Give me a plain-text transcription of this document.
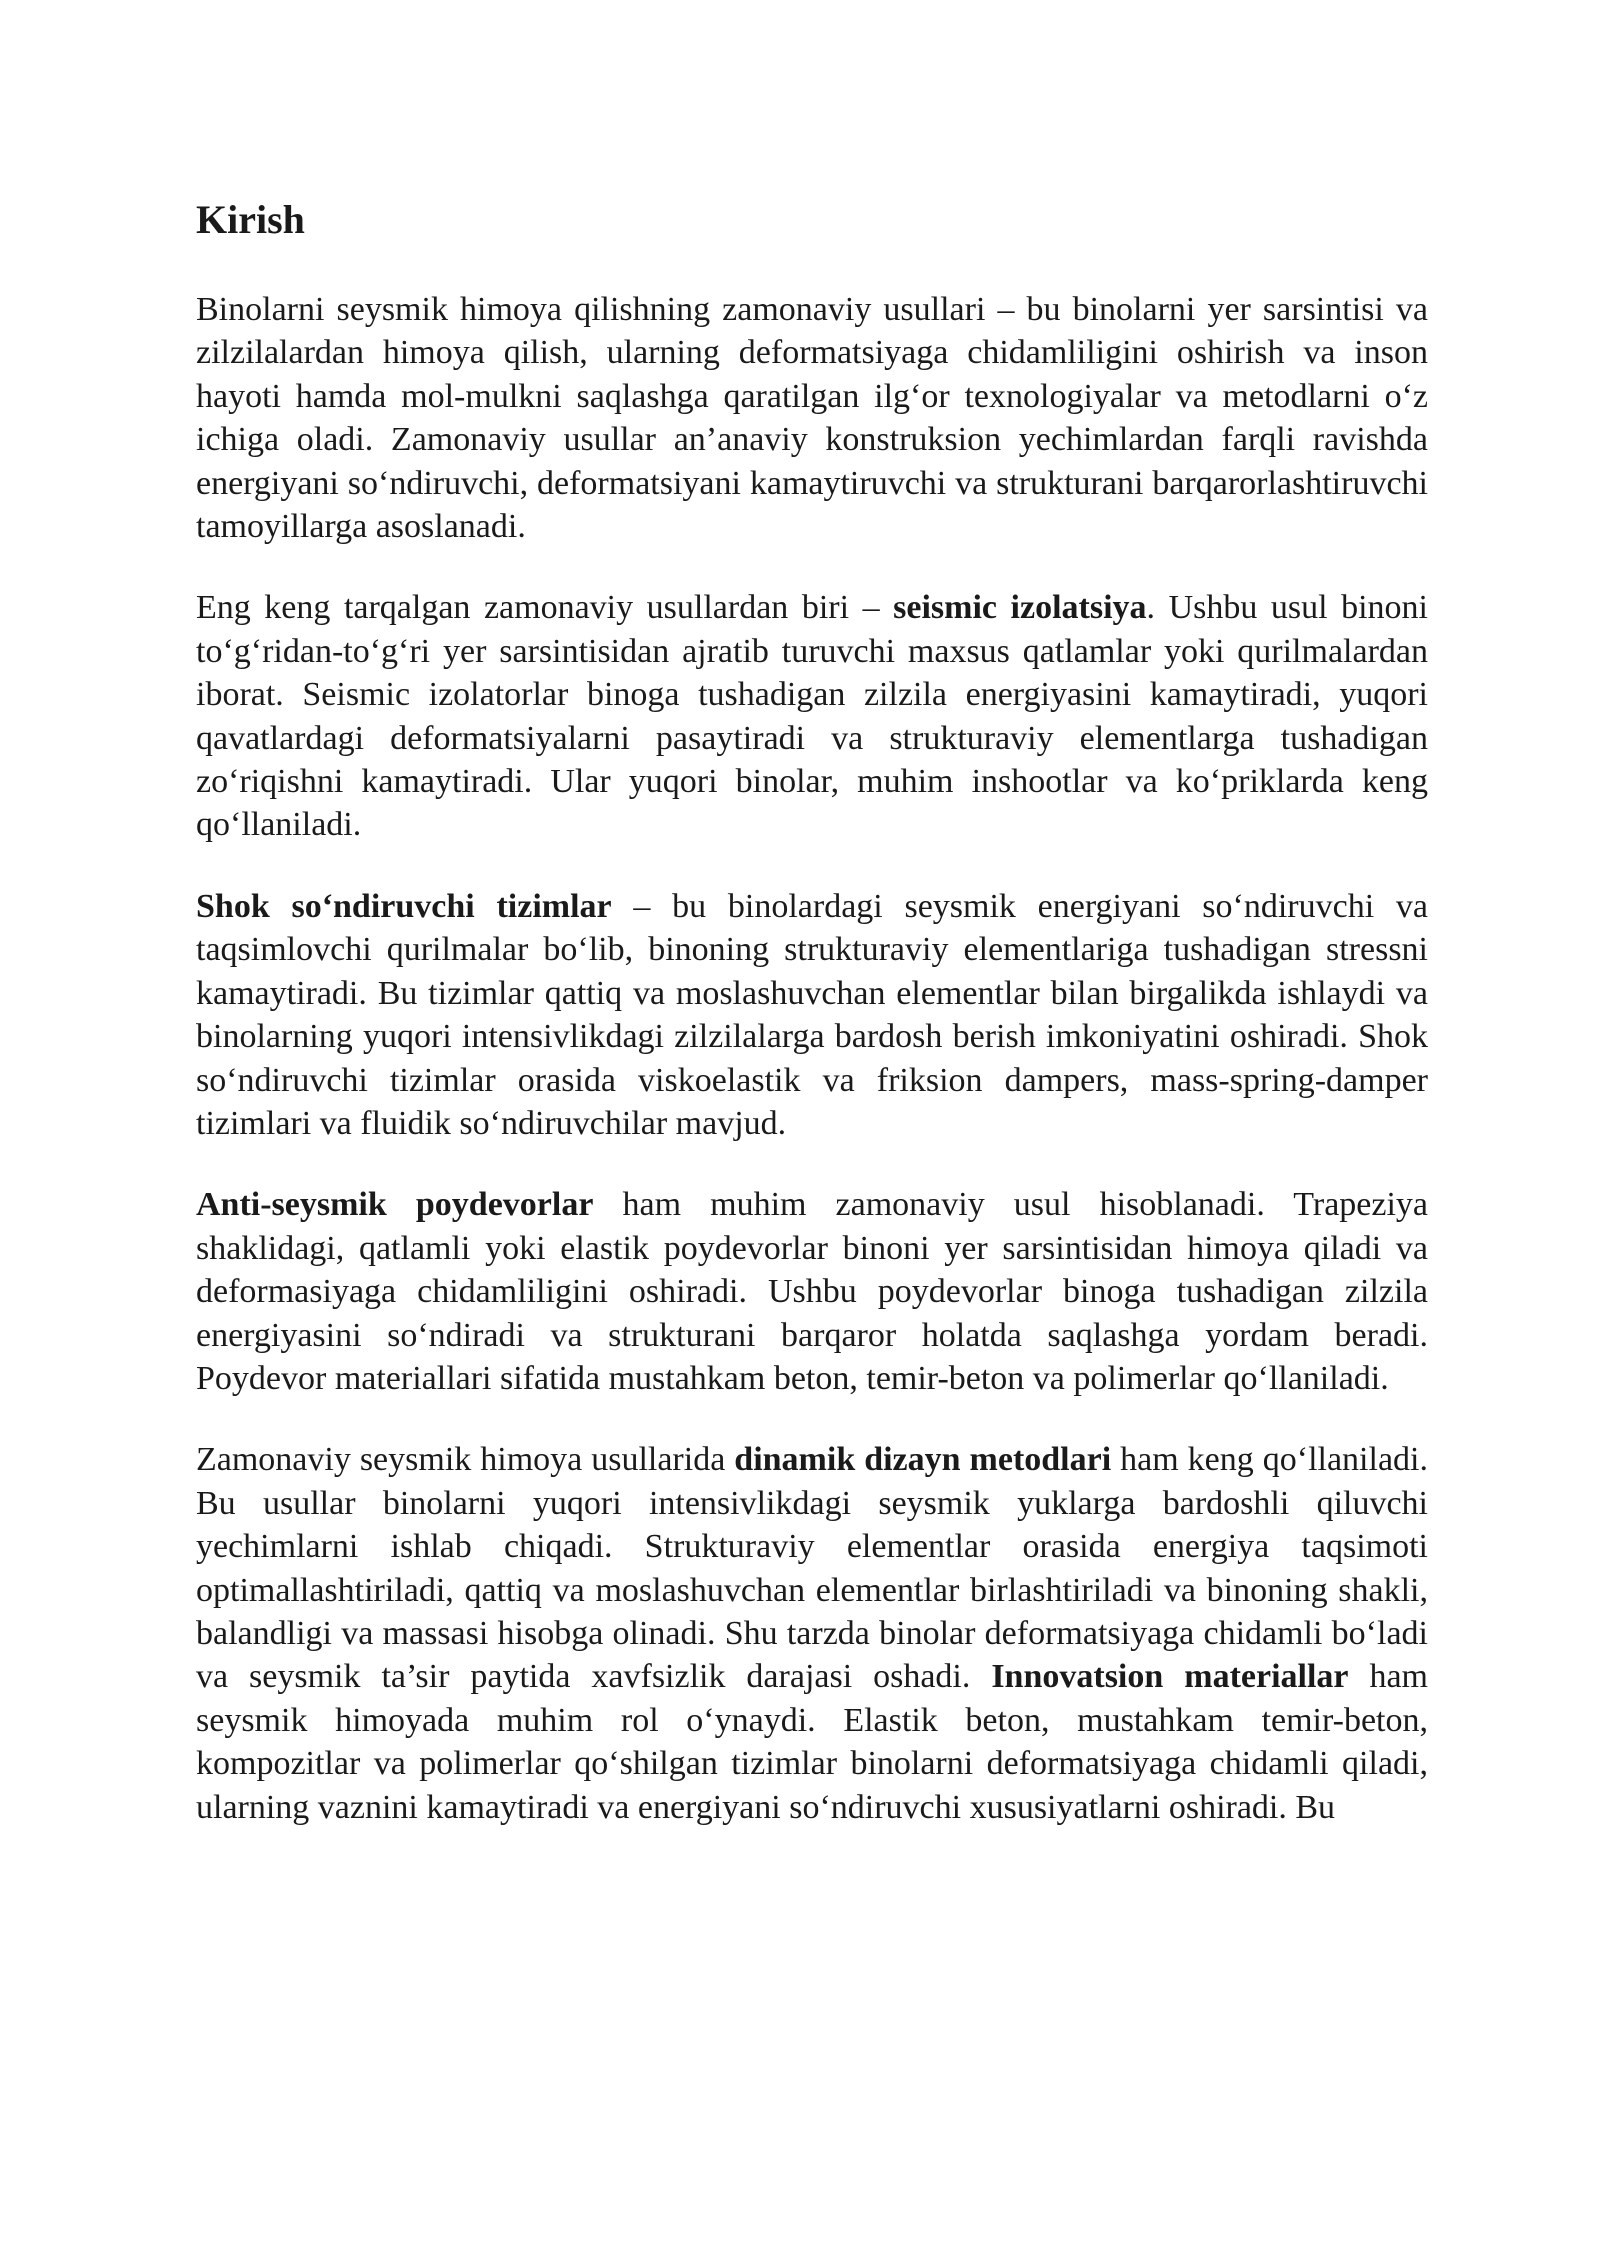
Kirish

Binolarni seysmik himoya qilishning zamonaviy usullari – bu binolarni yer sarsintisi va zilzilalardan himoya qilish, ularning deformatsiyaga chidamliligini oshirish va inson hayoti hamda mol-mulkni saqlashga qaratilgan ilg‘or texnologiyalar va metodlarni o‘z ichiga oladi. Zamonaviy usullar an’anaviy konstruksion yechimlardan farqli ravishda energiyani so‘ndiruvchi, deformatsiyani kamaytiruvchi va strukturani barqarorlashtiruvchi tamoyillarga asoslanadi.

Eng keng tarqalgan zamonaviy usullardan biri – seismic izolatsiya. Ushbu usul binoni to‘g‘ridan-to‘g‘ri yer sarsintisidan ajratib turuvchi maxsus qatlamlar yoki qurilmalardan iborat. Seismic izolatorlar binoga tushadigan zilzila energiyasini kamaytiradi, yuqori qavatlardagi deformatsiyalarni pasaytiradi va strukturaviy elementlarga tushadigan zo‘riqishni kamaytiradi. Ular yuqori binolar, muhim inshootlar va ko‘priklarda keng qo‘llaniladi.

Shok so‘ndiruvchi tizimlar – bu binolardagi seysmik energiyani so‘ndiruvchi va taqsimlovchi qurilmalar bo‘lib, binoning strukturaviy elementlariga tushadigan stressni kamaytiradi. Bu tizimlar qattiq va moslashuvchan elementlar bilan birgalikda ishlaydi va binolarning yuqori intensivlikdagi zilzilalarga bardosh berish imkoniyatini oshiradi. Shok so‘ndiruvchi tizimlar orasida viskoelastik va friksion dampers, mass-spring-damper tizimlari va fluidik so‘ndiruvchilar mavjud.

Anti-seysmik poydevorlar ham muhim zamonaviy usul hisoblanadi. Trapeziya shaklidagi, qatlamli yoki elastik poydevorlar binoni yer sarsintisidan himoya qiladi va deformasiyaga chidamliligini oshiradi. Ushbu poydevorlar binoga tushadigan zilzila energiyasini so‘ndiradi va strukturani barqaror holatda saqlashga yordam beradi. Poydevor materiallari sifatida mustahkam beton, temir-beton va polimerlar qo‘llaniladi.

Zamonaviy seysmik himoya usullarida dinamik dizayn metodlari ham keng qo‘llaniladi. Bu usullar binolarni yuqori intensivlikdagi seysmik yuklarga bardoshli qiluvchi yechimlarni ishlab chiqadi. Strukturaviy elementlar orasida energiya taqsimoti optimallashtiriladi, qattiq va moslashuvchan elementlar birlashtiriladi va binoning shakli, balandligi va massasi hisobga olinadi. Shu tarzda binolar deformatsiyaga chidamli bo‘ladi va seysmik ta’sir paytida xavfsizlik darajasi oshadi. Innovatsion materiallar ham seysmik himoyada muhim rol o‘ynaydi. Elastik beton, mustahkam temir-beton, kompozitlar va polimerlar qo‘shilgan tizimlar binolarni deformatsiyaga chidamli qiladi, ularning vaznini kamaytiradi va energiyani so‘ndiruvchi xususiyatlarni oshiradi. Bu
